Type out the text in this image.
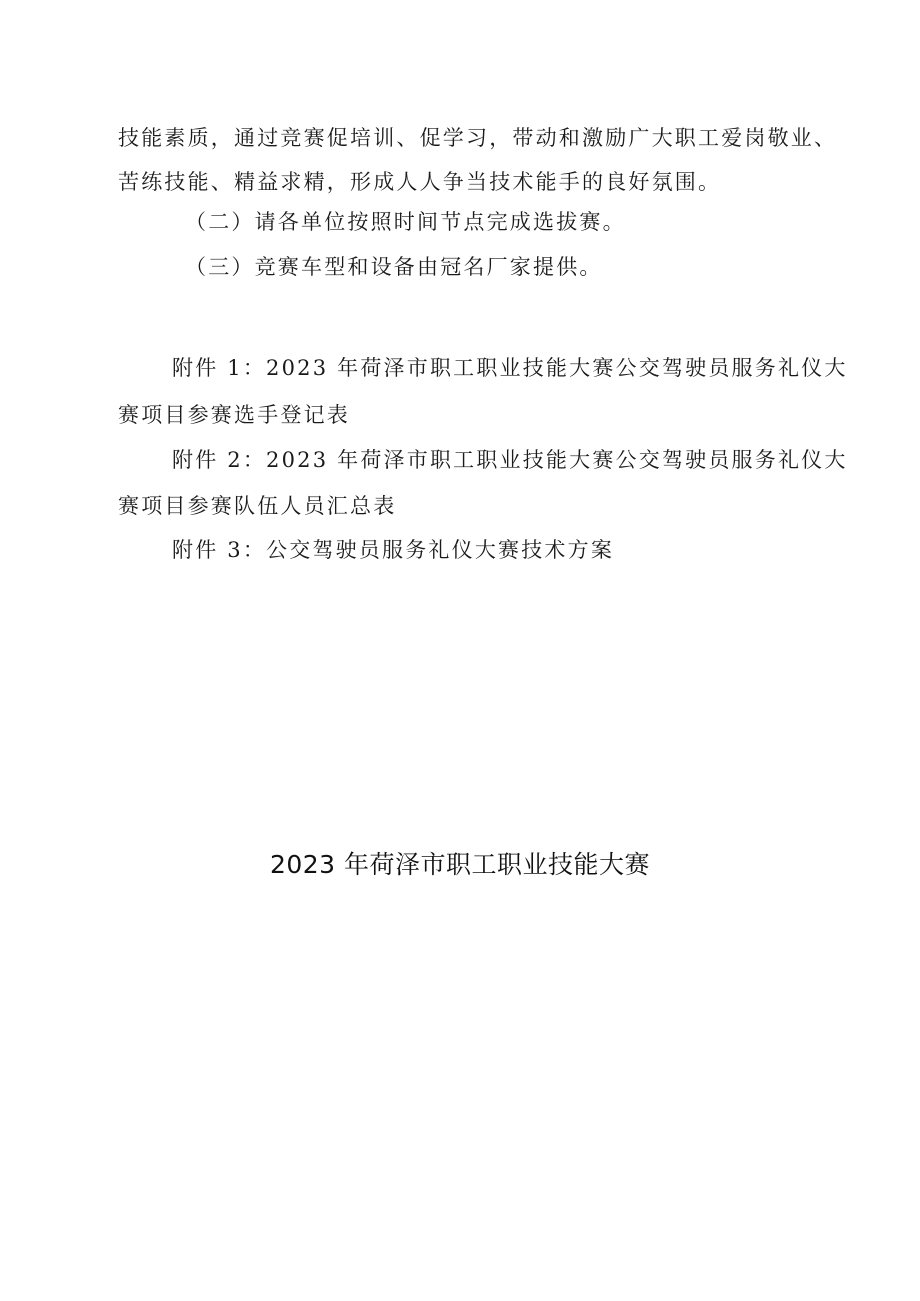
技能素质，通过竞赛促培训、促学习，带动和激励广大职工爱岗敬业、
苦练技能、精益求精，形成人人争当技术能手的良好氛围。
（二）请各单位按照时间节点完成选拔赛。
（三）竞赛车型和设备由冠名厂家提供。
附件 1：2023 年荷泽市职工职业技能大赛公交驾驶员服务礼仪大
赛项目参赛选手登记表
附件 2：2023 年荷泽市职工职业技能大赛公交驾驶员服务礼仪大
赛项目参赛队伍人员汇总表
附件 3：公交驾驶员服务礼仪大赛技术方案
2023 年荷泽市职工职业技能大赛
